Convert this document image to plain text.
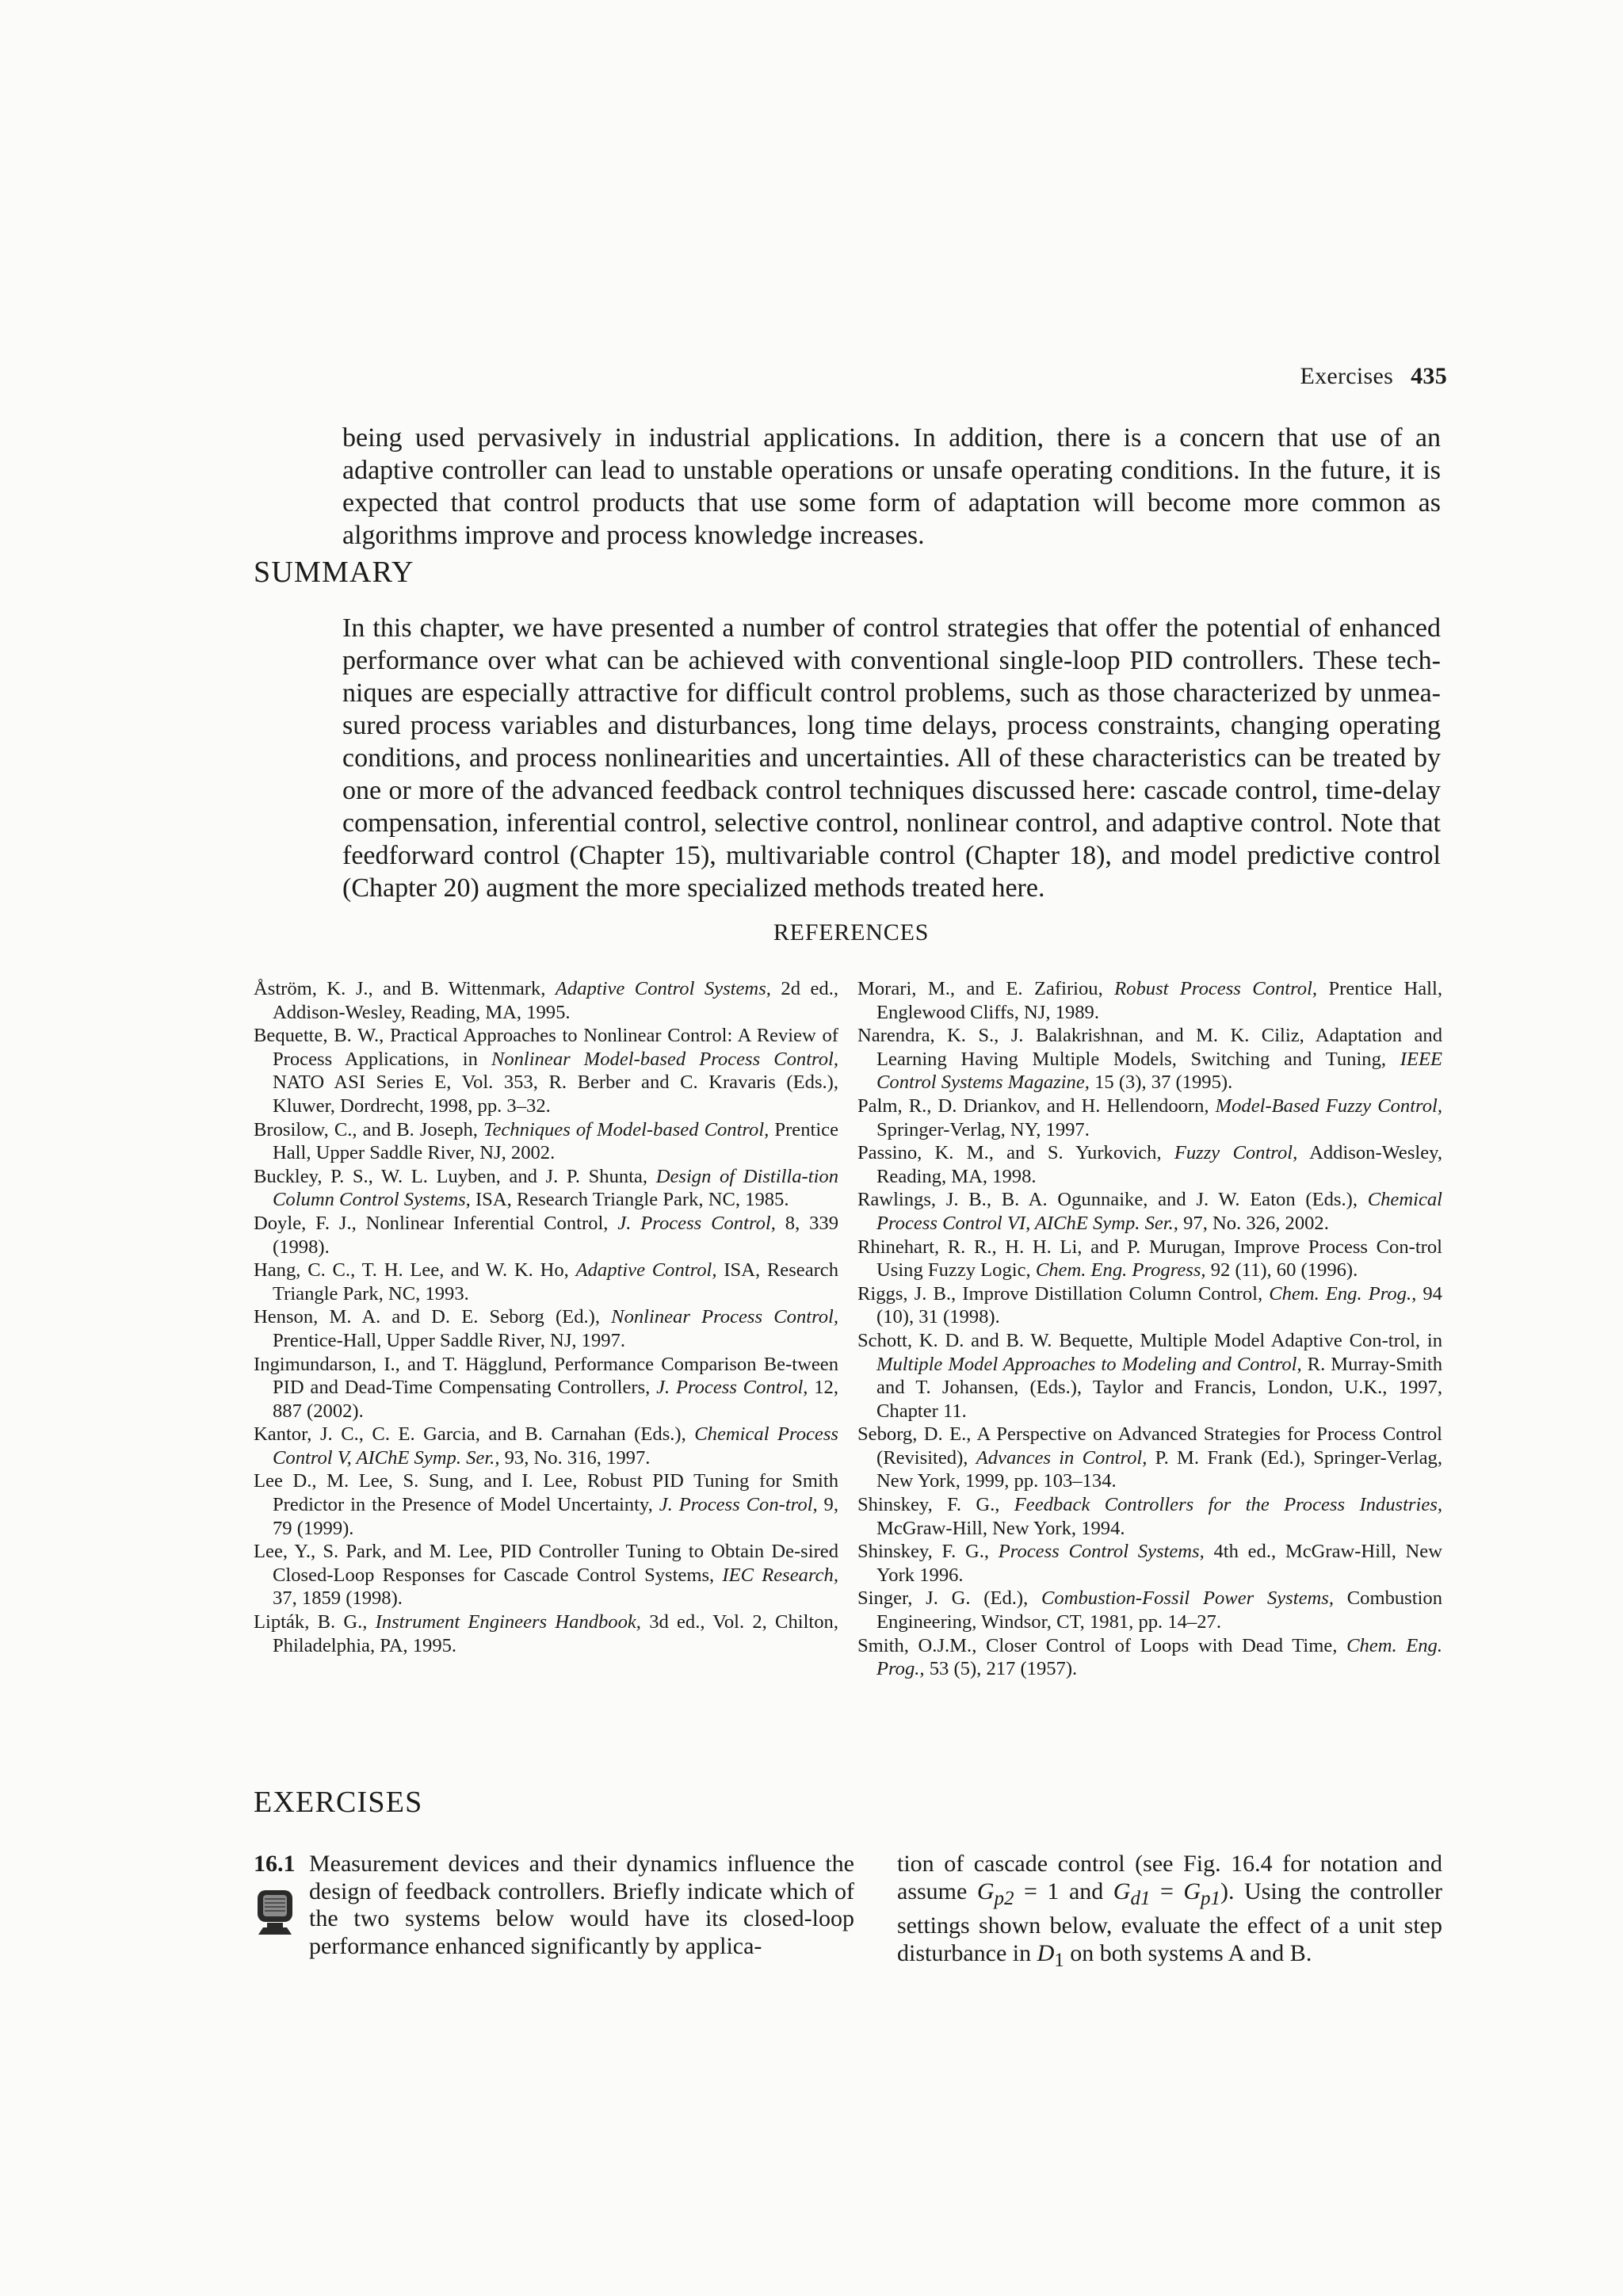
Exercises 435

being used pervasively in industrial applications. In addition, there is a concern that use of an adaptive controller can lead to unstable operations or unsafe operating conditions. In the future, it is expected that control products that use some form of adaptation will become more common as algorithms improve and process knowledge increases.

SUMMARY

In this chapter, we have presented a number of control strategies that offer the potential of enhanced performance over what can be achieved with conventional single-loop PID controllers. These techniques are especially attractive for difficult control problems, such as those characterized by unmeasured process variables and disturbances, long time delays, process constraints, changing operating conditions, and process nonlinearities and uncertainties. All of these characteristics can be treated by one or more of the advanced feedback control techniques discussed here: cascade control, time-delay compensation, inferential control, selective control, nonlinear control, and adaptive control. Note that feedforward control (Chapter 15), multivariable control (Chapter 18), and model predictive control (Chapter 20) augment the more specialized methods treated here.

REFERENCES
Åström, K. J., and B. Wittenmark, Adaptive Control Systems, 2d ed., Addison-Wesley, Reading, MA, 1995.
Bequette, B. W., Practical Approaches to Nonlinear Control: A Review of Process Applications, in Nonlinear Model-based Process Control, NATO ASI Series E, Vol. 353, R. Berber and C. Kravaris (Eds.), Kluwer, Dordrecht, 1998, pp. 3–32.
Brosilow, C., and B. Joseph, Techniques of Model-based Control, Prentice Hall, Upper Saddle River, NJ, 2002.
Buckley, P. S., W. L. Luyben, and J. P. Shunta, Design of Distilla-tion Column Control Systems, ISA, Research Triangle Park, NC, 1985.
Doyle, F. J., Nonlinear Inferential Control, J. Process Control, 8, 339 (1998).
Hang, C. C., T. H. Lee, and W. K. Ho, Adaptive Control, ISA, Research Triangle Park, NC, 1993.
Henson, M. A. and D. E. Seborg (Ed.), Nonlinear Process Control, Prentice-Hall, Upper Saddle River, NJ, 1997.
Ingimundarson, I., and T. Hägglund, Performance Comparison Be-tween PID and Dead-Time Compensating Controllers, J. Process Control, 12, 887 (2002).
Kantor, J. C., C. E. Garcia, and B. Carnahan (Eds.), Chemical Process Control V, AIChE Symp. Ser., 93, No. 316, 1997.
Lee D., M. Lee, S. Sung, and I. Lee, Robust PID Tuning for Smith Predictor in the Presence of Model Uncertainty, J. Process Con-trol, 9, 79 (1999).
Lee, Y., S. Park, and M. Lee, PID Controller Tuning to Obtain De-sired Closed-Loop Responses for Cascade Control Systems, IEC Research, 37, 1859 (1998).
Lipták, B. G., Instrument Engineers Handbook, 3d ed., Vol. 2, Chilton, Philadelphia, PA, 1995.
Morari, M., and E. Zafiriou, Robust Process Control, Prentice Hall, Englewood Cliffs, NJ, 1989.
Narendra, K. S., J. Balakrishnan, and M. K. Ciliz, Adaptation and Learning Having Multiple Models, Switching and Tuning, IEEE Control Systems Magazine, 15 (3), 37 (1995).
Palm, R., D. Driankov, and H. Hellendoorn, Model-Based Fuzzy Control, Springer-Verlag, NY, 1997.
Passino, K. M., and S. Yurkovich, Fuzzy Control, Addison-Wesley, Reading, MA, 1998.
Rawlings, J. B., B. A. Ogunnaike, and J. W. Eaton (Eds.), Chemical Process Control VI, AIChE Symp. Ser., 97, No. 326, 2002.
Rhinehart, R. R., H. H. Li, and P. Murugan, Improve Process Con-trol Using Fuzzy Logic, Chem. Eng. Progress, 92 (11), 60 (1996).
Riggs, J. B., Improve Distillation Column Control, Chem. Eng. Prog., 94 (10), 31 (1998).
Schott, K. D. and B. W. Bequette, Multiple Model Adaptive Con-trol, in Multiple Model Approaches to Modeling and Control, R. Murray-Smith and T. Johansen, (Eds.), Taylor and Francis, London, U.K., 1997, Chapter 11.
Seborg, D. E., A Perspective on Advanced Strategies for Process Control (Revisited), Advances in Control, P. M. Frank (Ed.), Springer-Verlag, New York, 1999, pp. 103–134.
Shinskey, F. G., Feedback Controllers for the Process Industries, McGraw-Hill, New York, 1994.
Shinskey, F. G., Process Control Systems, 4th ed., McGraw-Hill, New York 1996.
Singer, J. G. (Ed.), Combustion-Fossil Power Systems, Combustion Engineering, Windsor, CT, 1981, pp. 14–27.
Smith, O.J.M., Closer Control of Loops with Dead Time, Chem. Eng. Prog., 53 (5), 217 (1957).
EXERCISES
16.1 Measurement devices and their dynamics influence the design of feedback controllers. Briefly indicate which of the two systems below would have its closed-loop performance enhanced significantly by applica-
tion of cascade control (see Fig. 16.4 for notation and assume $G_{p2} = 1$ and $G_{d1} = G_{p1}$). Using the controller settings shown below, evaluate the effect of a unit step disturbance in $D_1$ on both systems A and B.
